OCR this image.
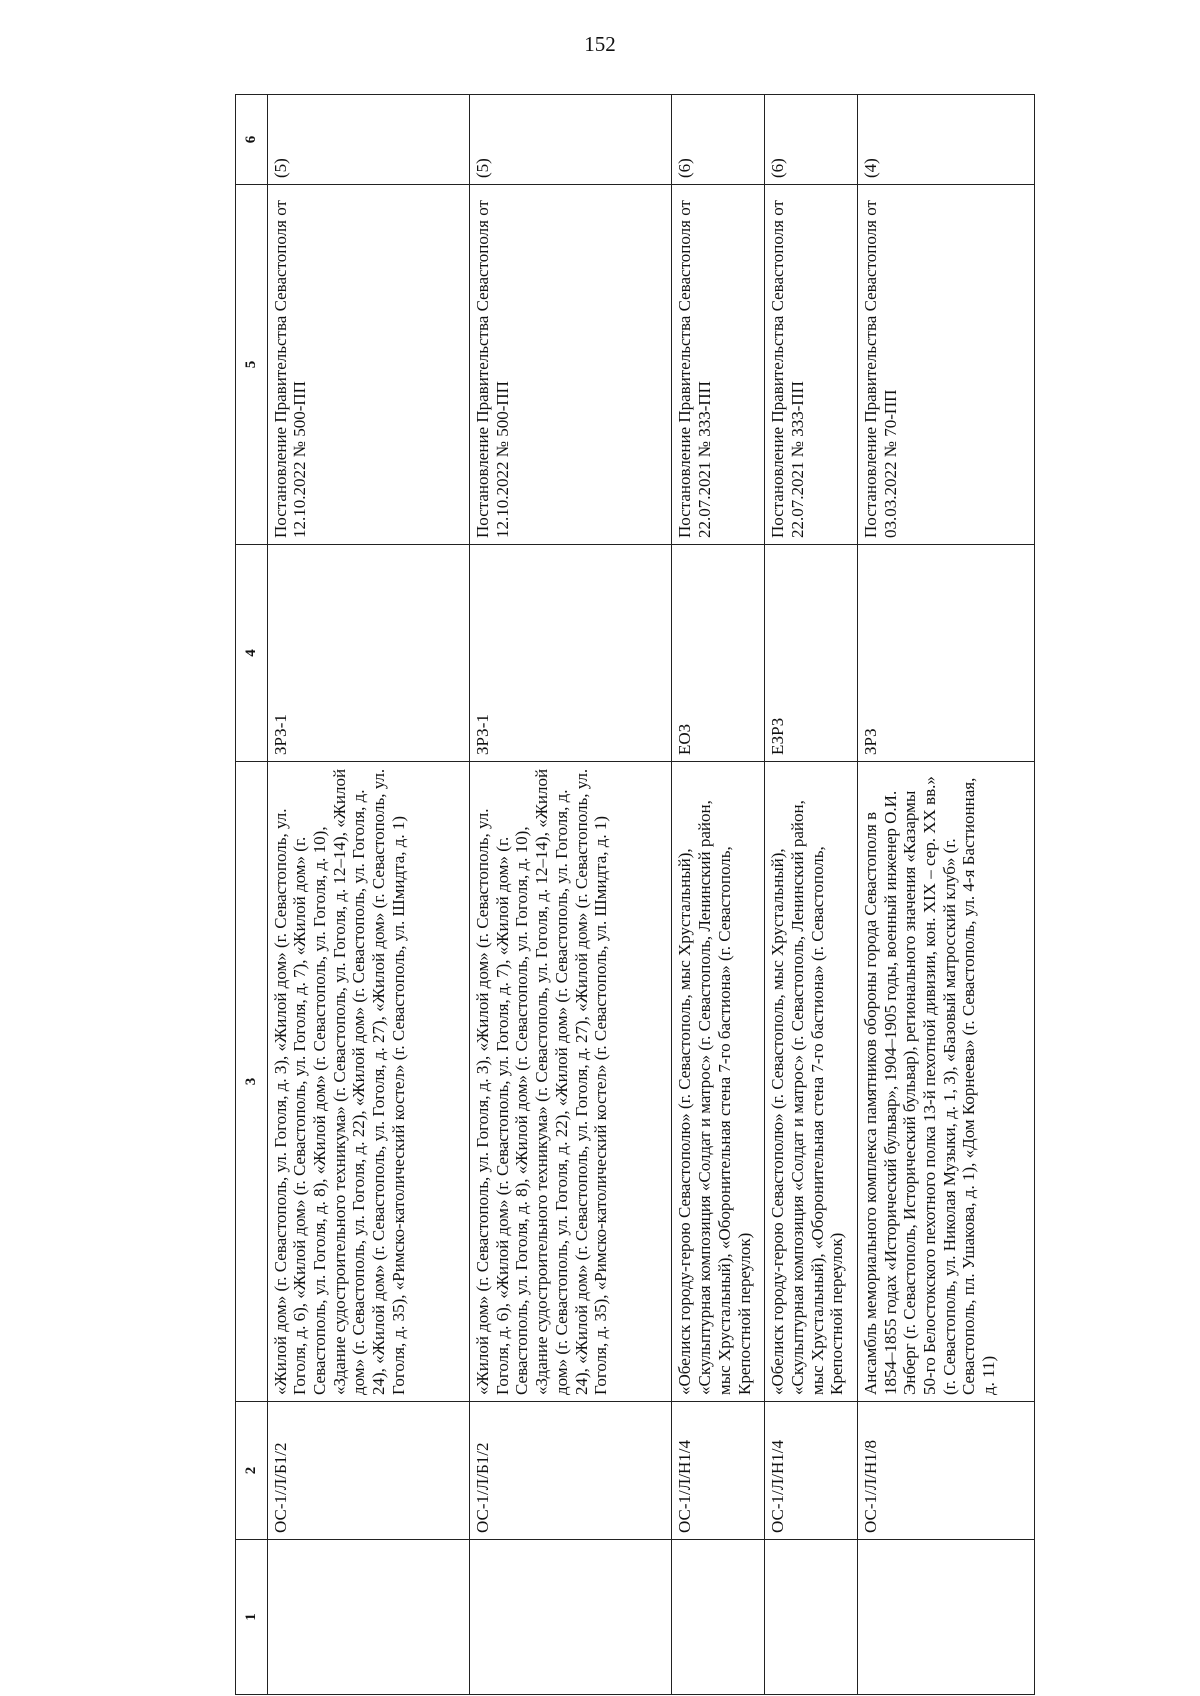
152
1	2	3	4	5	6
	ОС-1/Л/Б1/2	«Жилой дом» (г. Севастополь, ул. Гоголя, д. 3), «Жилой дом» (г. Севастополь, ул. Гоголя, д. 6), «Жилой дом» (г. Севастополь, ул. Гоголя, д. 7), «Жилой дом» (г. Севастополь, ул. Гоголя, д. 8), «Жилой дом» (г. Севастополь, ул. Гоголя, д. 10), «Здание судостроительного техникума» (г. Севастополь, ул. Гоголя, д. 12–14), «Жилой дом» (г. Севастополь, ул. Гоголя, д. 22), «Жилой дом» (г. Севастополь, ул. Гоголя, д. 24), «Жилой дом» (г. Севастополь, ул. Гоголя, д. 27), «Жилой дом» (г. Севастополь, ул. Гоголя, д. 35), «Римско-католический костел» (г. Севастополь, ул. Шмидта, д. 1)	ЗРЗ-1	Постановление Правительства Севастополя от 12.10.2022 № 500-ПП	(5)
	ОС-1/Л/Б1/2	«Жилой дом» (г. Севастополь, ул. Гоголя, д. 3), «Жилой дом» (г. Севастополь, ул. Гоголя, д. 6), «Жилой дом» (г. Севастополь, ул. Гоголя, д. 7), «Жилой дом» (г. Севастополь, ул. Гоголя, д. 8), «Жилой дом» (г. Севастополь, ул. Гоголя, д. 10), «Здание судостроительного техникума» (г. Севастополь, ул. Гоголя, д. 12–14), «Жилой дом» (г. Севастополь, ул. Гоголя, д. 22), «Жилой дом» (г. Севастополь, ул. Гоголя, д. 24), «Жилой дом» (г. Севастополь, ул. Гоголя, д. 27), «Жилой дом» (г. Севастополь, ул. Гоголя, д. 35), «Римско-католический костел» (г. Севастополь, ул. Шмидта, д. 1)	ЗРЗ-1	Постановление Правительства Севастополя от 12.10.2022 № 500-ПП	(5)
	ОС-1/Л/Н1/4	«Обелиск городу-герою Севастополю» (г. Севастополь, мыс Хрустальный), «Скульптурная композиция «Солдат и матрос» (г. Севастополь, Ленинский район, мыс Хрустальный), «Оборонительная стена 7-го бастиона» (г. Севастополь, Крепостной переулок)	ЕОЗ	Постановление Правительства Севастополя от 22.07.2021 № 333-ПП	(6)
	ОС-1/Л/Н1/4	«Обелиск городу-герою Севастополю» (г. Севастополь, мыс Хрустальный), «Скульптурная композиция «Солдат и матрос» (г. Севастополь, Ленинский район, мыс Хрустальный), «Оборонительная стена 7-го бастиона» (г. Севастополь, Крепостной переулок)	ЕЗРЗ	Постановление Правительства Севастополя от 22.07.2021 № 333-ПП	(6)
	ОС-1/Л/Н1/8	Ансамбль мемориального комплекса памятников обороны города Севастополя в 1854–1855 годах «Исторический бульвар», 1904–1905 годы, военный инженер О.И. Энберг (г. Севастополь, Исторический бульвар), регионального значения «Казармы 50-го Белостокского пехотного полка 13-й пехотной дивизии, кон. XIX – сер. XX вв.» (г. Севастополь, ул. Николая Музыки, д. 1, 3), «Базовый матросский клуб» (г. Севастополь, пл. Ушакова, д. 1), «Дом Корнеева» (г. Севастополь, ул. 4-я Бастионная, д. 11)	ЗРЗ	Постановление Правительства Севастополя от 03.03.2022 № 70-ПП	(4)
